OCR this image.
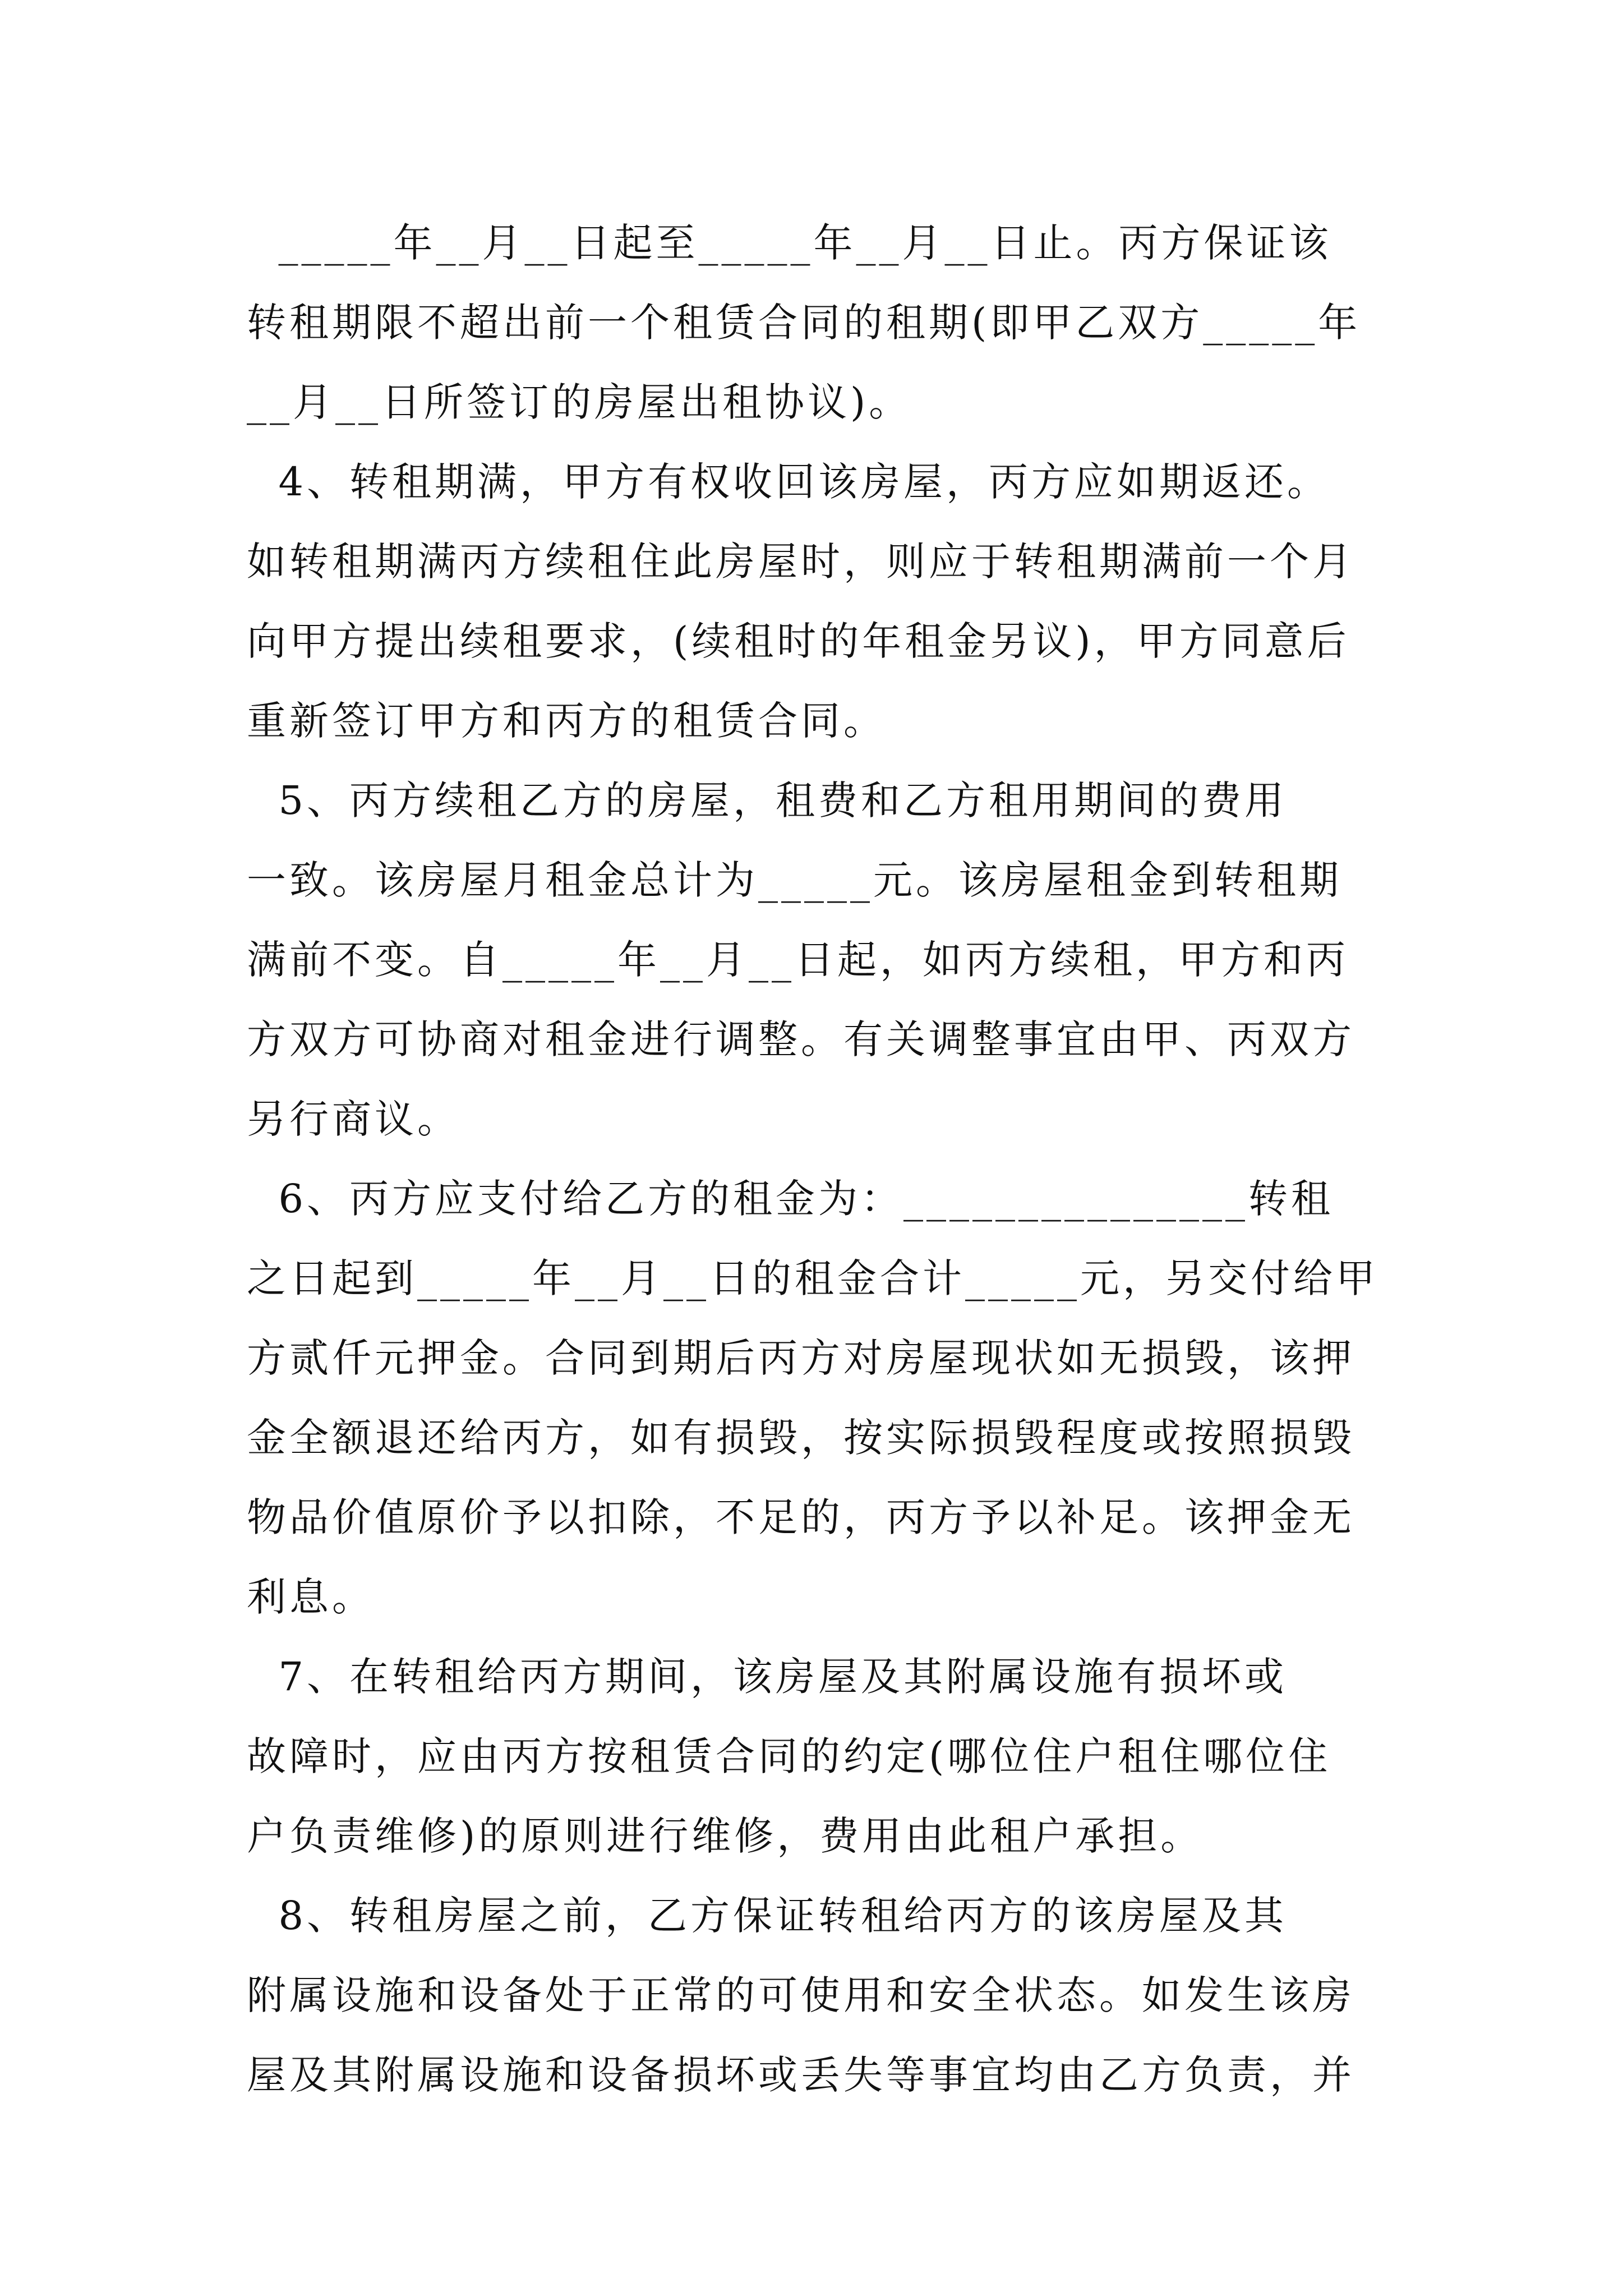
_____年__月__日起至_____年__月__日止。丙方保证该
转租期限不超出前一个租赁合同的租期(即甲乙双方_____年
__月__日所签订的房屋出租协议)。
4、转租期满，甲方有权收回该房屋，丙方应如期返还。
如转租期满丙方续租住此房屋时，则应于转租期满前一个月
向甲方提出续租要求，(续租时的年租金另议)，甲方同意后
重新签订甲方和丙方的租赁合同。
5、丙方续租乙方的房屋，租费和乙方租用期间的费用
一致。该房屋月租金总计为_____元。该房屋租金到转租期
满前不变。自_____年__月__日起，如丙方续租，甲方和丙
方双方可协商对租金进行调整。有关调整事宜由甲、丙双方
另行商议。
6、丙方应支付给乙方的租金为：_______________转租
之日起到_____年__月__日的租金合计_____元，另交付给甲
方贰仟元押金。合同到期后丙方对房屋现状如无损毁，该押
金全额退还给丙方，如有损毁，按实际损毁程度或按照损毁
物品价值原价予以扣除，不足的，丙方予以补足。该押金无
利息。
7、在转租给丙方期间，该房屋及其附属设施有损坏或
故障时，应由丙方按租赁合同的约定(哪位住户租住哪位住
户负责维修)的原则进行维修，费用由此租户承担。
8、转租房屋之前，乙方保证转租给丙方的该房屋及其
附属设施和设备处于正常的可使用和安全状态。如发生该房
屋及其附属设施和设备损坏或丢失等事宜均由乙方负责，并
